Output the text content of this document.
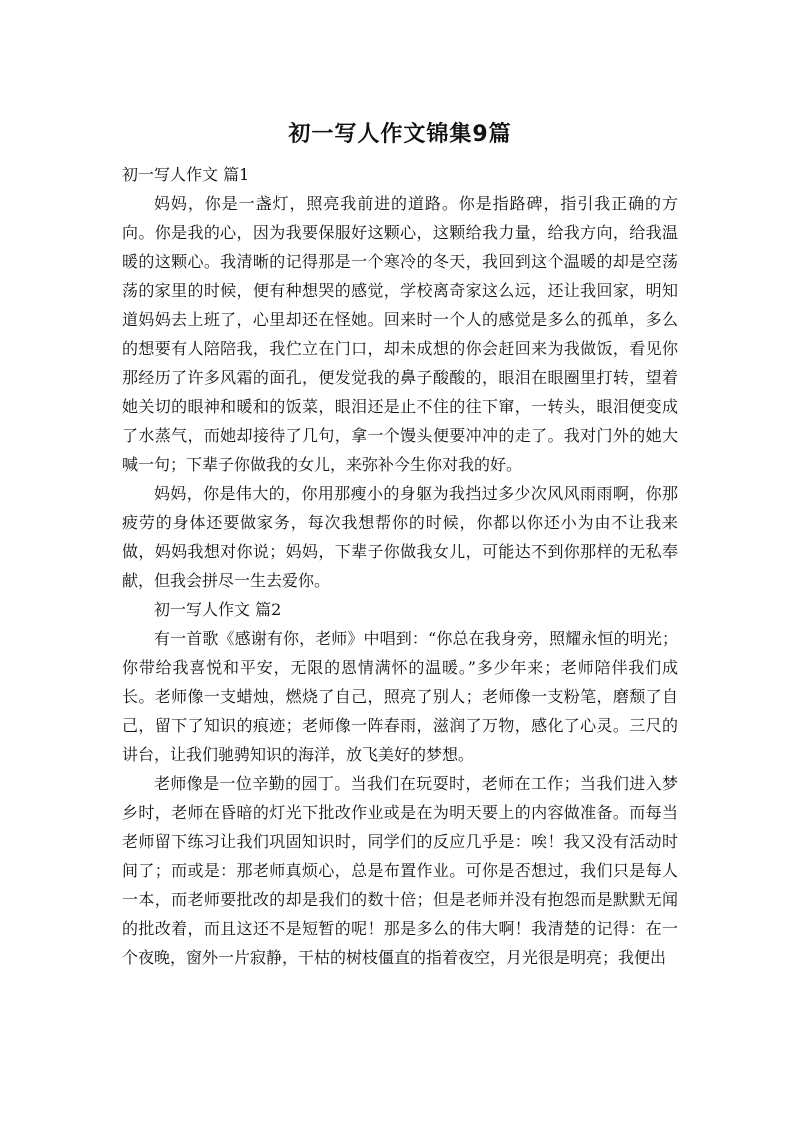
初一写人作文锦集9篇
初一写人作文 篇1

妈妈，你是一盏灯，照亮我前进的道路。你是指路碑，指引我正确的方向。你是我的心，因为我要保服好这颗心，这颗给我力量，给我方向，给我温暖的这颗心。我清晰的记得那是一个寒冷的冬天，我回到这个温暖的却是空荡荡的家里的时候，便有种想哭的感觉，学校离奇家这么远，还让我回家，明知道妈妈去上班了，心里却还在怪她。回来时一个人的感觉是多么的孤单，多么的想要有人陪陪我，我伫立在门口，却未成想的你会赶回来为我做饭，看见你那经历了许多风霜的面孔，便发觉我的鼻子酸酸的，眼泪在眼圈里打转，望着她关切的眼神和暖和的饭菜，眼泪还是止不住的往下窜，一转头，眼泪便变成了水蒸气，而她却接待了几句，拿一个馒头便要冲冲的走了。我对门外的她大喊一句；下辈子你做我的女儿，来弥补今生你对我的好。

妈妈，你是伟大的，你用那瘦小的身躯为我挡过多少次风风雨雨啊，你那疲劳的身体还要做家务，每次我想帮你的时候，你都以你还小为由不让我来做，妈妈我想对你说；妈妈，下辈子你做我女儿，可能达不到你那样的无私奉献，但我会拼尽一生去爱你。

初一写人作文 篇2

有一首歌《感谢有你，老师》中唱到：“你总在我身旁，照耀永恒的明光；你带给我喜悦和平安，无限的恩情满怀的温暖。”多少年来；老师陪伴我们成长。老师像一支蜡烛，燃烧了自己，照亮了别人；老师像一支粉笔，磨颓了自己，留下了知识的痕迹；老师像一阵春雨，滋润了万物，感化了心灵。三尺的讲台，让我们驰骋知识的海洋，放飞美好的梦想。

老师像是一位辛勤的园丁。当我们在玩耍时，老师在工作；当我们进入梦乡时，老师在昏暗的灯光下批改作业或是在为明天要上的内容做准备。而每当老师留下练习让我们巩固知识时，同学们的反应几乎是：唉！我又没有活动时间了；而或是：那老师真烦心，总是布置作业。可你是否想过，我们只是每人一本，而老师要批改的却是我们的数十倍；但是老师并没有抱怨而是默默无闻的批改着，而且这还不是短暂的呢！那是多么的伟大啊！我清楚的记得：在一个夜晚，窗外一片寂静，干枯的树枝僵直的指着夜空，月光很是明亮；我便出
